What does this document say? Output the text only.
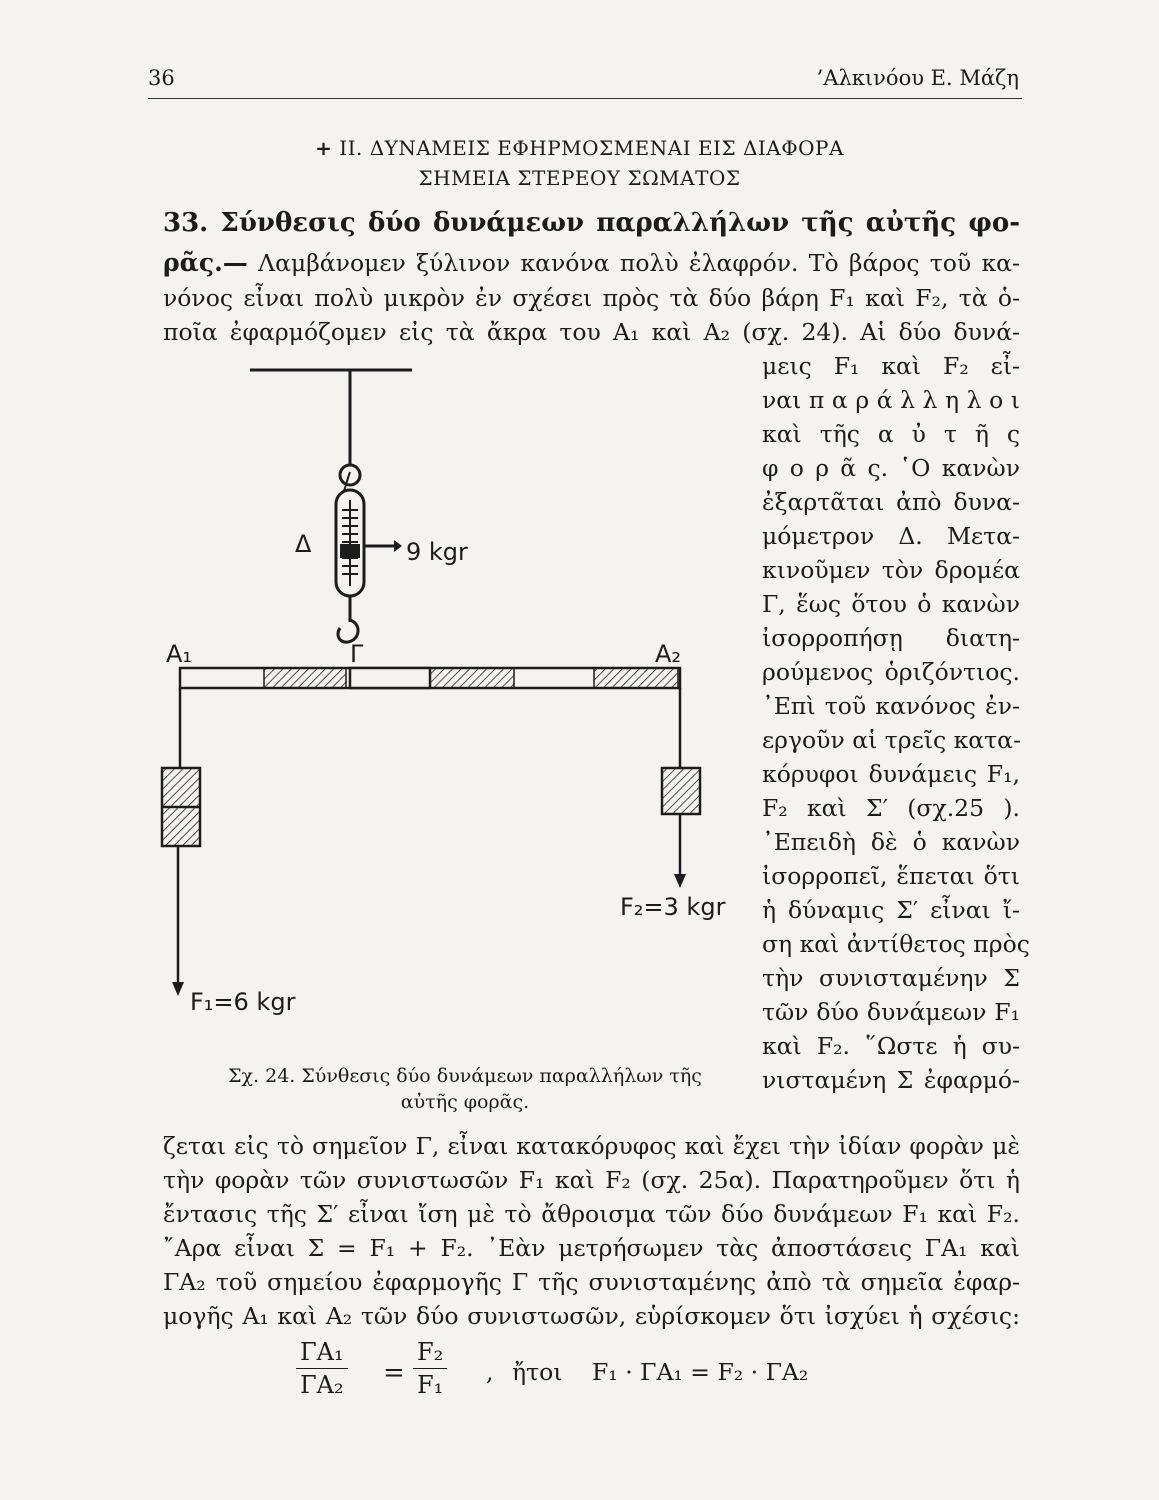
36	’Αλκινόου Ε. Μάζη
+ II. ΔΥΝΑΜΕΙΣ ΕΦΗΡΜΟΣΜΕΝΑΙ ΕΙΣ ΔΙΑΦΟΡΑ
ΣΗΜΕΙΑ ΣΤΕΡΕΟΥ ΣΩΜΑΤΟΣ
33. Σύνθεσις δύο δυνάμεων παραλλήλων τῆς αὐτῆς φο-
ρᾶς.— Λαμβάνομεν ξύλινον κανόνα πολὺ ἐλαφρόν. Τὸ βάρος τοῦ κα-
νόνος εἶναι πολὺ μικρὸν ἐν σχέσει πρὸς τὰ δύο βάρη F₁ καὶ F₂, τὰ ὁ-
ποῖα ἐφαρμόζομεν εἰς τὰ ἄκρα του Α₁ καὶ Α₂ (σχ. 24). Αἱ δύο δυνά-
μεις F₁ καὶ F₂ εἶ-
ναι π α ρ ά λ λ η λ ο ι
καὶ τῆς α ὐ τ ῆ ς
φ ο ρ ᾶ ς. ῾Ο κανὼν
ἐξαρτᾶται ἀπὸ δυνα-
μόμετρον Δ. Μετα-
κινοῦμεν τὸν δρομέα
Γ, ἕως ὅτου ὁ κανὼν
ἰσορροπήσῃ διατη-
ρούμενος ὁριζόντιος.
᾽Επὶ τοῦ κανόνος ἐν-
εργοῦν αἱ τρεῖς κατα-
κόρυφοι δυνάμεις F₁,
F₂ καὶ Σ′ (σχ.25 ).
᾽Επειδὴ δὲ ὁ κανὼν
ἰσορροπεῖ, ἕπεται ὅτι
ἡ δύναμις Σ′ εἶναι ἴ-
ση καὶ ἀντίθετος πρὸς
τὴν συνισταμένην Σ
τῶν δύο δυνάμεων F₁
καὶ F₂. ῞Ωστε ἡ συ-
νισταμένη Σ ἐφαρμό-
Δ	9 kgr
Α₁	Γ	Α₂
F₂=3 kgr
F₁=6 kgr
Σχ. 24. Σύνθεσις δύο δυνάμεων παραλλήλων τῆς
αὐτῆς φορᾶς.
ζεται εἰς τὸ σημεῖον Γ, εἶναι κατακόρυφος καὶ ἔχει τὴν ἰδίαν φορὰν μὲ
τὴν φορὰν τῶν συνιστωσῶν F₁ καὶ F₂ (σχ. 25α). Παρατηροῦμεν ὅτι ἡ
ἔντασις τῆς Σ′ εἶναι ἴση μὲ τὸ ἄθροισμα τῶν δύο δυνάμεων F₁ καὶ F₂.
῎Αρα εἶναι Σ = F₁ + F₂. ᾽Εὰν μετρήσωμεν τὰς ἀποστάσεις ΓΑ₁ καὶ
ΓΑ₂ τοῦ σημείου ἐφαρμογῆς Γ τῆς συνισταμένης ἀπὸ τὰ σημεῖα ἐφαρ-
μογῆς Α₁ καὶ Α₂ τῶν δύο συνιστωσῶν, εὑρίσκομεν ὅτι ἰσχύει ἡ σχέσις:
$\frac{\text{ΓΑ₁}}{\text{ΓΑ₂}} = \frac{\text{F₂}}{\text{F₁}}$ , ἤτοι F₁ · ΓΑ₁ = F₂ · ΓΑ₂
